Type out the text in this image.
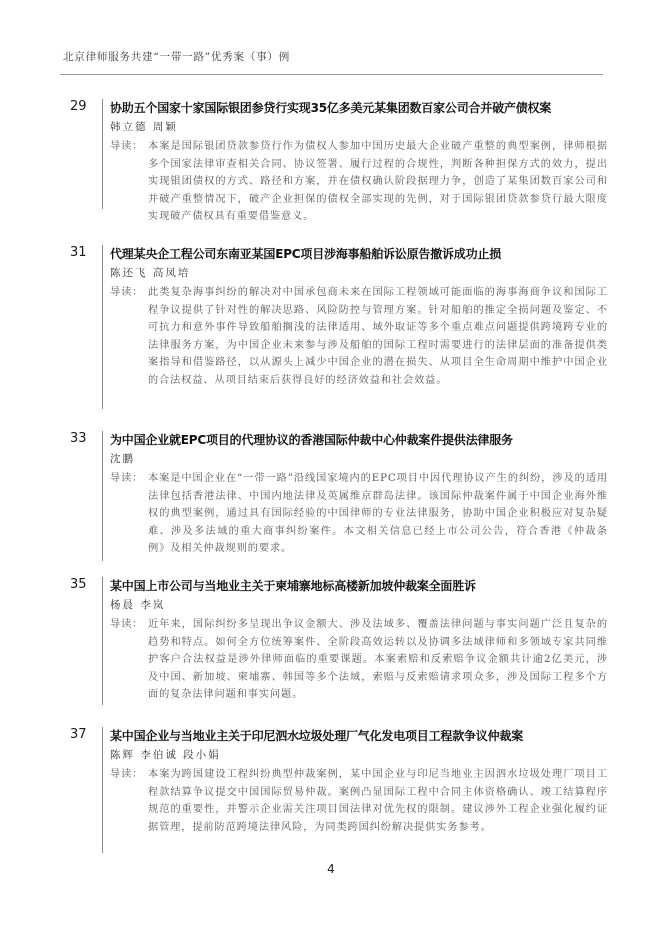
北京律师服务共建“一带一路”优秀案（事）例
29	协助五个国家十家国际银团参贷行实现35亿多美元某集团数百家公司合并破产债权案
韩立德 周颖
导读： 本案是国际银团贷款参贷行作为债权人参加中国历史最大企业破产重整的典型案例，律师根据多个国家法律审查相关合同、协议签署、履行过程的合规性，判断各种担保方式的效力，提出实现银团债权的方式、路径和方案，并在债权确认阶段据理力争，创造了某集团数百家公司和并破产重整情况下，破产企业担保的债权全部实现的先例，对于国际银团贷款参贷行最大限度实现破产债权具有重要借鉴意义。
31	代理某央企工程公司东南亚某国EPC项目涉海事船舶诉讼原告撤诉成功止损
陈还飞 高凤培
导读： 此类复杂海事纠纷的解决对中国承包商未来在国际工程领域可能面临的海事海商争议和国际工程争议提供了针对性的解决思路、风险防控与管理方案。针对船舶的推定全损问题及鉴定、不可抗力和意外事件导致船舶搁浅的法律适用、域外取证等多个重点难点问题提供跨境跨专业的法律服务方案，为中国企业未来参与涉及船舶的国际工程时需要进行的法律层面的准备提供类案指导和借鉴路径，以从源头上减少中国企业的潜在损失、从项目全生命周期中维护中国企业的合法权益、从项目结束后获得良好的经济效益和社会效益。
33	为中国企业就EPC项目的代理协议的香港国际仲裁中心仲裁案件提供法律服务
沈鹏
导读： 本案是中国企业在“一带一路”沿线国家境内的EPC项目中因代理协议产生的纠纷，涉及的适用法律包括香港法律、中国内地法律及英属维京群岛法律。该国际仲裁案件属于中国企业海外维权的典型案例，通过具有国际经验的中国律师的专业法律服务，协助中国企业积极应对复杂疑难、涉及多法域的重大商事纠纷案件。本文相关信息已经上市公司公告，符合香港《仲裁条例》及相关仲裁规则的要求。
35	某中国上市公司与当地业主关于柬埔寨地标高楼新加坡仲裁案全面胜诉
杨晨 李岚
导读： 近年来，国际纠纷多呈现出争议金额大、涉及法域多、覆盖法律问题与事实问题广泛且复杂的趋势和特点。如何全方位统筹案件、全阶段高效运转以及协调多法域律师和多领域专家共同维护客户合法权益是涉外律师面临的重要课题。本案索赔和反索赔争议金额共计逾2亿美元，涉及中国、新加坡、柬埔寨、韩国等多个法域，索赔与反索赔请求项众多，涉及国际工程多个方面的复杂法律问题和事实问题。
37	某中国企业与当地业主关于印尼泗水垃圾处理厂气化发电项目工程款争议仲裁案
陈辉 李伯诚 段小娟
导读： 本案为跨国建设工程纠纷典型仲裁案例，某中国企业与印尼当地业主因泗水垃圾处理厂项目工程款结算争议提交中国国际贸易仲裁。案例凸显国际工程中合同主体资格确认、竣工结算程序规范的重要性，并警示企业需关注项目国法律对优先权的限制。建议涉外工程企业强化履约证据管理，提前防范跨境法律风险，为同类跨国纠纷解决提供实务参考。
4
